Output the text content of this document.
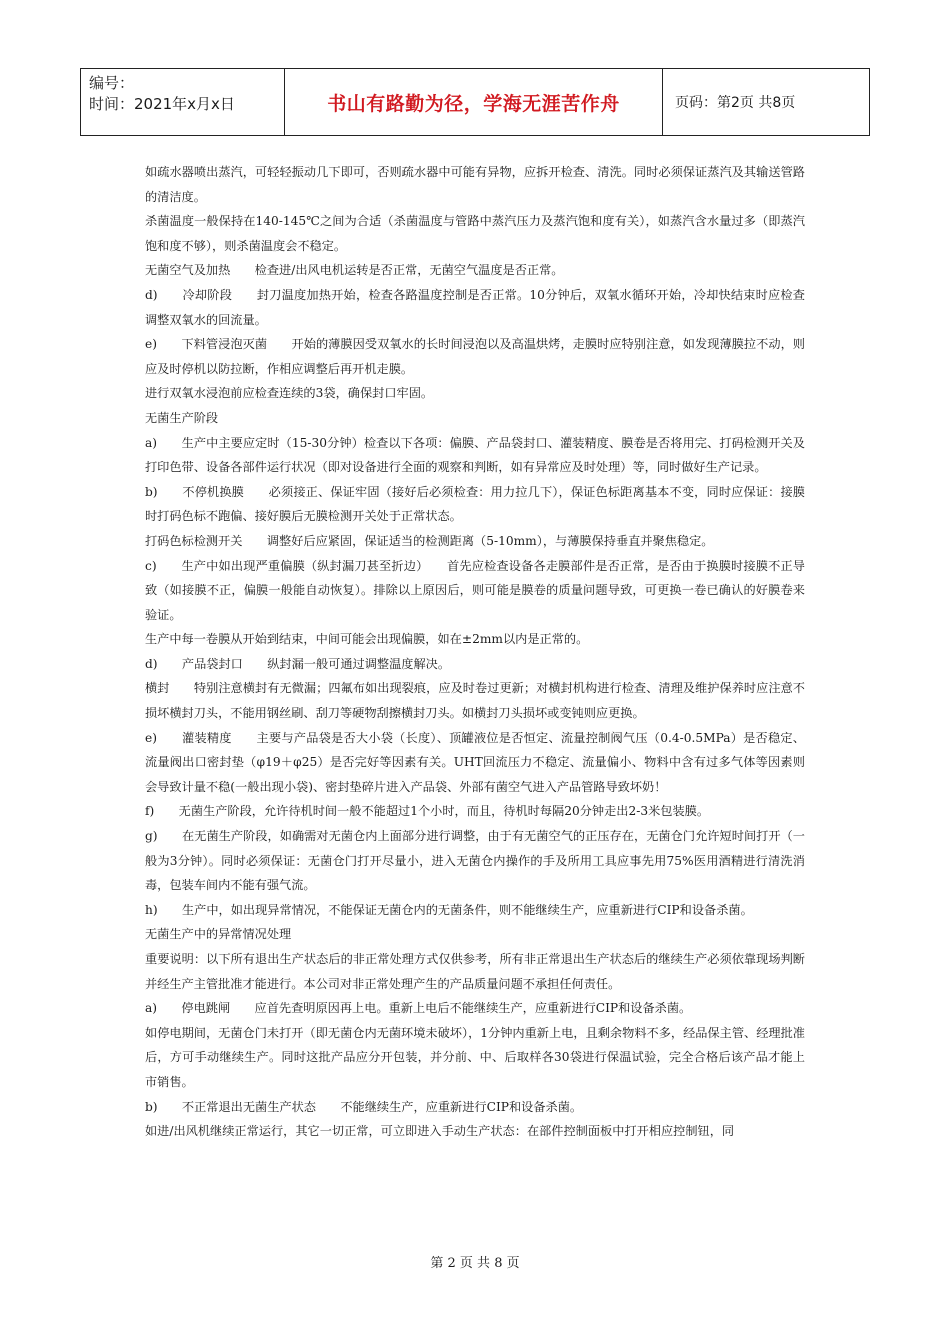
编号：
时间：2021年x月x日	书山有路勤为径，学海无涯苦作舟	页码：第2页 共8页

如疏水器喷出蒸汽，可轻轻振动几下即可，否则疏水器中可能有异物，应拆开检查、清洗。同时必须保证蒸汽及其输送管路的清洁度。

杀菌温度一般保持在140-145℃之间为合适（杀菌温度与管路中蒸汽压力及蒸汽饱和度有关），如蒸汽含水量过多（即蒸汽饱和度不够），则杀菌温度会不稳定。

无菌空气及加热　　检查进/出风电机运转是否正常，无菌空气温度是否正常。

d)　　冷却阶段　　封刀温度加热开始，检查各路温度控制是否正常。10分钟后，双氧水循环开始，冷却快结束时应检查调整双氧水的回流量。

e)　　下料管浸泡灭菌　　开始的薄膜因受双氧水的长时间浸泡以及高温烘烤，走膜时应特别注意，如发现薄膜拉不动，则应及时停机以防拉断，作相应调整后再开机走膜。

进行双氧水浸泡前应检查连续的3袋，确保封口牢固。

无菌生产阶段

a)　　生产中主要应定时（15-30分钟）检查以下各项：偏膜、产品袋封口、灌装精度、膜卷是否将用完、打码检测开关及打印色带、设备各部件运行状况（即对设备进行全面的观察和判断，如有异常应及时处理）等，同时做好生产记录。

b)　　不停机换膜　　必须接正、保证牢固（接好后必须检查：用力拉几下），保证色标距离基本不变，同时应保证：接膜时打码色标不跑偏、接好膜后无膜检测开关处于正常状态。

打码色标检测开关　　调整好后应紧固，保证适当的检测距离（5-10mm），与薄膜保持垂直并聚焦稳定。

c)　　生产中如出现严重偏膜（纵封漏刀甚至折边）　　首先应检查设备各走膜部件是否正常，是否由于换膜时接膜不正导致（如接膜不正，偏膜一般能自动恢复）。排除以上原因后，则可能是膜卷的质量问题导致，可更换一卷已确认的好膜卷来验证。

生产中每一卷膜从开始到结束，中间可能会出现偏膜，如在±2mm以内是正常的。

d)　　产品袋封口　　纵封漏一般可通过调整温度解决。

横封　　特别注意横封有无微漏；四氟布如出现裂痕，应及时卷过更新；对横封机构进行检查、清理及维护保养时应注意不损坏横封刀头，不能用钢丝刷、刮刀等硬物刮擦横封刀头。如横封刀头损坏或变钝则应更换。

e)　　灌装精度　　主要与产品袋是否大小袋（长度）、顶罐液位是否恒定、流量控制阀气压（0.4-0.5MPa）是否稳定、流量阀出口密封垫（φ19＋φ25）是否完好等因素有关。UHT回流压力不稳定、流量偏小、物料中含有过多气体等因素则会导致计量不稳(一般出现小袋)、密封垫碎片进入产品袋、外部有菌空气进入产品管路导致坏奶！

f)　　无菌生产阶段，允许待机时间一般不能超过1个小时，而且，待机时每隔20分钟走出2-3米包装膜。

g)　　在无菌生产阶段，如确需对无菌仓内上面部分进行调整，由于有无菌空气的正压存在，无菌仓门允许短时间打开（一般为3分钟）。同时必须保证：无菌仓门打开尽量小，进入无菌仓内操作的手及所用工具应事先用75%医用酒精进行清洗消毒，包装车间内不能有强气流。

h)　　生产中，如出现异常情况，不能保证无菌仓内的无菌条件，则不能继续生产，应重新进行CIP和设备杀菌。

无菌生产中的异常情况处理

重要说明：以下所有退出生产状态后的非正常处理方式仅供参考，所有非正常退出生产状态后的继续生产必须依靠现场判断并经生产主管批准才能进行。本公司对非正常处理产生的产品质量问题不承担任何责任。

a)　　停电跳闸　　应首先查明原因再上电。重新上电后不能继续生产，应重新进行CIP和设备杀菌。

如停电期间，无菌仓门未打开（即无菌仓内无菌环境未破坏），1分钟内重新上电，且剩余物料不多，经品保主管、经理批准后，方可手动继续生产。同时这批产品应分开包装，并分前、中、后取样各30袋进行保温试验，完全合格后该产品才能上市销售。

b)　　不正常退出无菌生产状态　　不能继续生产，应重新进行CIP和设备杀菌。

如进/出风机继续正常运行，其它一切正常，可立即进入手动生产状态：在部件控制面板中打开相应控制钮，同

第 2 页 共 8 页
